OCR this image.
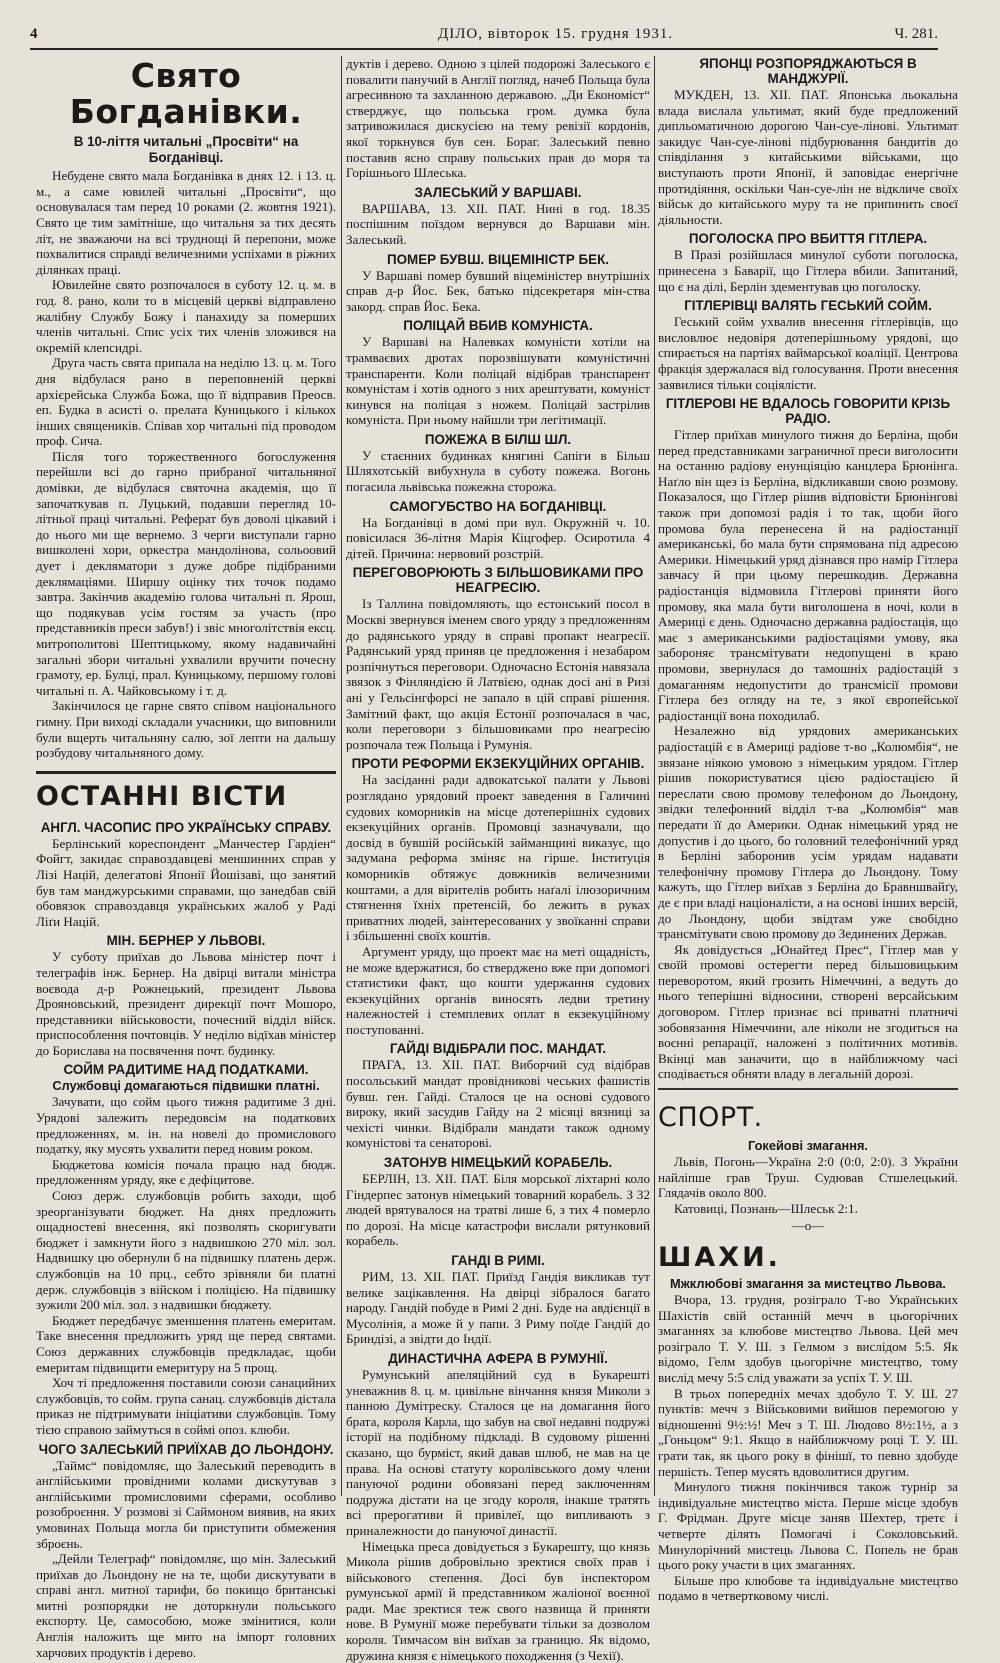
4	ДІЛО, вівторок 15. грудня 1931.	Ч. 281.
Свято Богданівки.
В 10-ліття читальні „Просвіти“ на Богданівці.

Небудене свято мала Богданівка в днях 12. і 13. ц. м., а саме ювилей читальні „Просвіти“, що основувалася там перед 10 роками (2. жовтня 1921). Свято це тим замітніше, що читальня за тих десять літ, не зважаючи на всі труднощі й перепони, може похвалитися справді величезними успіхами в ріжних ділянках праці.

Ювилейне свято розпочалося в суботу 12. ц. м. в год. 8. рано, коли то в місцевій церкві відправлено жалібну Службу Божу і панахиду за померших членів читальні. Спис усіх тих членів зложився на окремій клепсидрі.

Друга часть свята припала на неділю 13. ц. м. Того дня відбулася рано в переповненій церкві архієрейська Служба Божа, що її відправив Преосв. еп. Будка в асисті о. прелата Куницького і кількох інших священиків. Співав хор читальні під проводом проф. Сича.

Після того торжественного богослуження перейшли всі до гарно прибраної читальняної домівки, де відбулася святочна академія, що її започаткував п. Луцький, подавши перегляд 10-літньої праці читальні. Реферат був доволі цікавий і до нього ми ще вернемо. З черги виступали гарно вишколені хори, оркестра мандолінова, сольоовий дует і декляматори з дуже добре підібраними деклямаціями. Ширшу оцінку тих точок подамо завтра. Закінчив академію голова читальні п. Ярош, що подякував усім гостям за участь (про представників преси забув!) і звіс многолітствія ексц. митрополитові Шептицькому, якому надавичайні загальні збори читальні ухвалили вручити почесну грамоту, ер. Булці, прал. Куницькому, першому голові читальні п. А. Чайковському і т. д.

Закінчилося це гарне свято співом національного гимну. При виході складали учасники, що виповнили були вщерть читальняну салю, зої лепти на дальшу розбудову читальняного дому.

ОСТАННІ ВІСТИ
АНГЛ. ЧАСОПИС ПРО УКРАЇНСЬКУ СПРАВУ.

Берлінський кореспондент „Манчестер Гардіен“ Фойгт, закидає справоздавцеві меншинних справ у Лізі Націй, делегатові Японії Йошізаві, що занятий був там манджурськими справами, що занедбав свій обовязок справоздавця українських жалоб у Раді Ліґи Націй.

МІН. БЕРНЕР У ЛЬВОВІ.

У суботу приїхав до Львова міністер почт і телеграфів інж. Бернер. На двірці витали міністра воєвода д-р Рожнецький, президент Львова Дрояновський, президент дирекції почт Мошоро, представники військовости, почесний відділ війск. приспособлення почтовців. У неділю відїхав міністер до Борислава на посвячення почт. будинку.

СОЙМ РАДИТИМЕ НАД ПОДАТКАМИ.
Службовці домагаються підвишки платні.

Зачувати, що сойм цього тижня радитиме 3 дні. Урядові залежить передовсім на податкових предложеннях, м. ін. на новелі до промислового податку, яку мусять ухвалити перед новим роком.

Бюджетова комісія почала працю над бюдж. предложенням уряду, яке є дефіцитове.

Союз держ. службовців робить заходи, щоб зреорганізувати бюджет. На днях предложить ощадностеві внесення, які позволять скоригувати бюджет і замкнути його з надвишкою 270 міл. зол. Надвишку цю обернули б на підвишку платень держ. службовців на 10 прц., себто зрівняли би платні держ. службовців з війском і поліцією. На підвишку зужили 200 міл. зол. з надвишки бюджету.

Бюджет передбачує зменшення платень емеритам. Таке внесення предложить уряд ще перед святами. Союз державних службовців предкладає, щоби емеритам підвищити емеритуру на 5 прощ.

Хоч ті предложення поставили союзи санацийних службовців, то сойм. група санац. службовців дістала приказ не підтримувати ініціативи службовців. Тому тією справою займуться в соймі опоз. клюби.

ЧОГО ЗАЛЕСЬКИЙ ПРИЇХАВ ДО ЛЬОНДОНУ.

„Таймс“ повідомляє, що Залеський переводить в англійськими провідними колами дискутував з англійськими промисловими сферами, особливо розоброєння. У розмові зі Саймоном виявив, на яких умовинах Польща могла би приступити обмежения зброєнь.

„Дейли Телеграф“ повідомляє, що мін. Залеський приїхав до Льондону не на те, щоби дискутувати в справі англ. митної тарифи, бо покищо британські митні розпорядки не доторкнули польського експорту. Це, самособою, може змінитися, коли Англія наложить ще мито на імпорт головних харчових продуктів і дерево.

дуктів і дерево. Одною з цілей подорожі Залеського є повалити панучий в Англії погляд, начеб Польща була агресивною та захланною державою. „Ди Економіст“ стверджує, що польська гром. думка була затривожилася дискусією на тему ревізії кордонів, якої торкнувся був сен. Бораг. Залеський певно поставив ясно справу польських прав до моря та Горішнього Шлеська.

ЗАЛЕСЬКИЙ У ВАРШАВІ.

ВАРШАВА, 13. XII. ПАТ. Нині в год. 18.35 поспішним поїздом вернувся до Варшави мін. Залеський.

ПОМЕР БУВШ. ВІЦЕМІНІСТР БЕК.

У Варшаві помер бувший віцеміністер внутрішніх справ д-р Йос. Бек, батько підсекретаря мін-ства закорд. справ Йос. Бека.

ПОЛІЦАЙ ВБИВ КОМУНІСТА.

У Варшаві на Налевках комуністи хотіли на трамваєвих дротах порозвішувати комуністичні транспаренти. Коли поліцай відібрав транспарент комуністам і хотів одного з них арештувати, комуніст кинувся на поліцая з ножем. Поліцай застрілив комуніста. При ньому найшли три легітимації.

ПОЖЕЖА В БІЛШ ШЛ.

У стаєнних будинках княгині Сапіги в Більш Шляхотській вибухнула в суботу пожежа. Вогонь погасила львівська пожежна сторожа.

САМОГУБСТВО НА БОГДАНІВЦІ.

На Богданівці в домі при вул. Окружній ч. 10. повісилася 36-літня Марія Кіцгофер. Осиротила 4 дітей. Причина: нервовий розстрій.

ПЕРЕГОВОРЮЮТЬ З БІЛЬШОВИКАМИ ПРО НЕАГРЕСІЮ.

Із Таллина повідомляють, що естонський посол в Москві звернувся іменем свого уряду з предложенням до радянського уряду в справі пропакт неагресії. Радянський уряд приняв це предложення і незабаром розпічнуться переговори. Одночасно Естонія навязала звязок з Фінляндією й Латвією, однак досі ані в Ризі ані у Гельсінгфорсі не запало в цій справі рішення. Замітний факт, що акція Естонії розпочалася в час, коли переговори з більшовиками про неагресію розпочала теж Польща і Румунія.

ПРОТИ РЕФОРМИ ЕКЗЕКУЦІЙНИХ ОРГАНІВ.

На засіданні ради адвокатської палати у Львові розглядано урядовий проект заведення в Галичині судових коморників на місце дотеперішніх судових екзекуційних органів. Промовці зазначували, що досвід в бувшій російській займанщині виказує, що задумана реформа зміняє на гірше. Інституція коморників обтяжує довжників величезними коштами, а для вірителів робить наґалі ілюзоричним стягнення їхніх претенсій, бо лежить в руках приватних людей, заінтересованих у звоїканні справи і збільшенні своїх коштів.

Аргумент уряду, що проект має на меті ощадність, не може вдержатися, бо стверджено вже при допомогі статистики факт, що кошти удержання судових екзекуційних органів виносять ледви третину належностей і стемплевих оплат в екзекуційному поступованні.

ГАЙДІ ВІДІБРАЛИ ПОС. МАНДАТ.

ПРАГА, 13. XII. ПАТ. Виборчий суд відібрав посольський мандат провідникові чеських фашистів бувш. ген. Гайді. Сталося це на основі судового вироку, який засудив Гайду на 2 місяці вязниці за чехісті чинки. Відібрали мандати також одному комуністові та сенаторові.

ЗАТОНУВ НІМЕЦЬКИЙ КОРАБЕЛЬ.

БЕРЛІН, 13. XII. ПАТ. Біля морської ліхтарні коло Гіндерпес затонув німецький товарний корабель. З 32 людей врятувалося на тратві лише 6, з тих 4 померло по дорозі. На місце катастрофи вислали рятунковий корабель.

ГАНДІ В РИМІ.

РИМ, 13. XII. ПАТ. Приїзд Гандія викликав тут велике зацікавлення. На двірці зібралося багато народу. Гандій побуде в Римі 2 дні. Буде на авдієнції в Мусолінія, а може й у папи. З Риму поїде Гандій до Бриндізі, а звідти до Індії.

ДИНАСТИЧНА АФЕРА В РУМУНІЇ.

Румунський апеляційний суд в Букарешті уневажнив 8. ц. м. цивільне вінчання князя Миколи з панною Думітреску. Сталося це на домагання його брата, короля Карла, що забув на свої недавні подружі історії на подібному підкладі. В судовому рішенні сказано, що бурміст, який давав шлюб, не мав на це права. На основі статуту королівського дому члени пануючої родини обовязані перед заключенням подружа дістати на це згоду короля, інакше тратять всі прерогативи й привілеї, що випливають з приналежности до пануючої династії.

Німецька преса довідується з Букарешту, що князь Микола рішив добровільно зректися своїх прав і військового степення. Досі був інспектором румунської армії й представником жаліоної воєнної ради. Має зректися теж свого назвища й приняти нове. В Румунії може перебувати тільки за дозволом короля. Тимчасом він виїхав за границю. Як відомо, дружина князя є німецького походження (з Чехії).

ЯПОНЦІ РОЗПОРЯДЖАЮТЬСЯ В МАНДЖУРІЇ.

МУКДЕН, 13. XII. ПАТ. Японська льокальна влада вислала ультимат, який буде предложений дипльоматичною дорогою Чан-суе-лінові. Ультимат закидує Чан-суе-лінові підбурювання бандитів до співділання з китайськими військами, що виступають проти Японії, й заповідає енергічне протидіяння, оскільки Чан-суе-лін не відкличе своїх військ до китайського муру та не припинить своєї діяльности.

ПОГОЛОСКА ПРО ВБИТТЯ ГІТЛЕРА.

В Празі розійшлася минулої суботи поголоска, принесена з Баварії, що Гітлера вбили. Запитаний, що є на ділі, Берлін здементував цю поголоску.

ГІТЛЕРІВЦІ ВАЛЯТЬ ГЕСЬКИЙ СОЙМ.

Геський сойм ухвалив внесення гітлерівців, що висловлює недовіря дотеперішньому урядові, що спирається на партіях ваймарської коаліції. Центрова фракція здержалася від голосування. Проти внесення заявилися тільки соціялісти.

ГІТЛЕРОВІ НЕ ВДАЛОСЬ ГОВОРИТИ КРІЗЬ РАДІО.

Гітлер приїхав минулого тижня до Берліна, щоби перед представниками заграничної преси виголосити на останню радіову енунціяцію канцлера Брюнінга. Наґло він щез із Берліна, відкликавши свою розмову. Показалося, що Гітлер рішив відповісти Брюнінгові також при допомозі радія і то так, щоби його промова була перенесена й на радіостанції американські, бо мала бути спрямована під адресою Америки. Німецький уряд дізнався про намір Гітлера завчасу й при цьому перешкодив. Державна радіостанція відмовила Гітлерові приняти його промову, яка мала бути виголошена в ночі, коли в Америці є день. Одночасно державна радіостація, що має з американськими радіостаціями умову, яка забороняє трансмітувати недопущені в краю промови, звернулася до тамошніх радіостацій з домаганням недопустити до трансмісії промови Гітлера без огляду на те, з якої європейської радіостанції вона походилаб.

Незалежно від урядових американських радіостацій є в Америці радіове т-во „Колюмбія“, не звязане ніякою умовою з німецьким урядом. Гітлер рішив покористуватися цією радіостацією й переслати свою промову телефоном до Льондону, звідки телефонний відділ т-ва „Колюмбія“ мав передати її до Америки. Однак німецький уряд не допустив і до цього, бо головний телефонічний уряд в Берліні заборонив усім урядам надавати телефонічну промову Гітлера до Льондону. Тому кажуть, що Гітлер виїхав з Берліна до Бравншвайґу, де є при владі націоналісти, а на основі інших версій, до Льондону, щоби звідтам уже свобідно трансмітувати свою промову до Зединених Держав.

Як довідується „Юнайтед Прес“, Гітлер мав у своїй промові остерегти перед більшовицьким переворотом, який грозить Німеччині, а ведуть до нього теперішні відносини, створені версайським договором. Гітлер признає всі приватні платничі зобовязання Німеччини, але ніколи не згодиться на воєнні репарації, наложені з політичних мотивів. Вкінці мав заначити, що в найближчому часі сподівається обняти владу в легальній дорозі.

СПОРТ.
Гокейові змагання.

Львів, Погонь—Україна 2:0 (0:0, 2:0). З України найліпше грав Труш. Судював Стшелецький. Глядачів около 800.

Катовиці, Познань—Шлеськ 2:1.

—о—
ШАХИ.
Мжклюбові змагання за мистецтво Львова.

Вчора, 13. грудня, розіграло Т-во Українських Шахістів свій останній мечч в цьогорічних змаганнях за клюбове мистецтво Львова. Цей меч розіграло Т. У. Ш. з Гелмом з вислідом 5:5. Як відомо, Гелм здобув цьогорічне мистецтво, тому вислід мечу 5:5 слід уважати за успіх Т. У. Ш.

В трьох попередніх мечах здобуло Т. У. Ш. 27 пунктів: мечч з Військовими вийшов перемогою у відношенні 9½:½! Меч з Т. Ш. Людово 8½:1½, а з „Гоньцом“ 9:1. Якщо в найближчому році Т. У. Ш. грати так, як цього року в фінішї, то певно здобуде першість. Тепер мусять вдоволитися другим.

Минулого тижня покінчився також турнір за індивідуальне мистецтво міста. Перше місце здобув Г. Фрідман. Друге місце заняв Шехтер, третє і четверте ділять Помогачі і Соколовський. Минулорічний мистець Львова С. Попель не брав цього року участи в цих змаганнях.

Більше про клюбове та індивідуальне мистецтво подамо в четвертковому числі.
